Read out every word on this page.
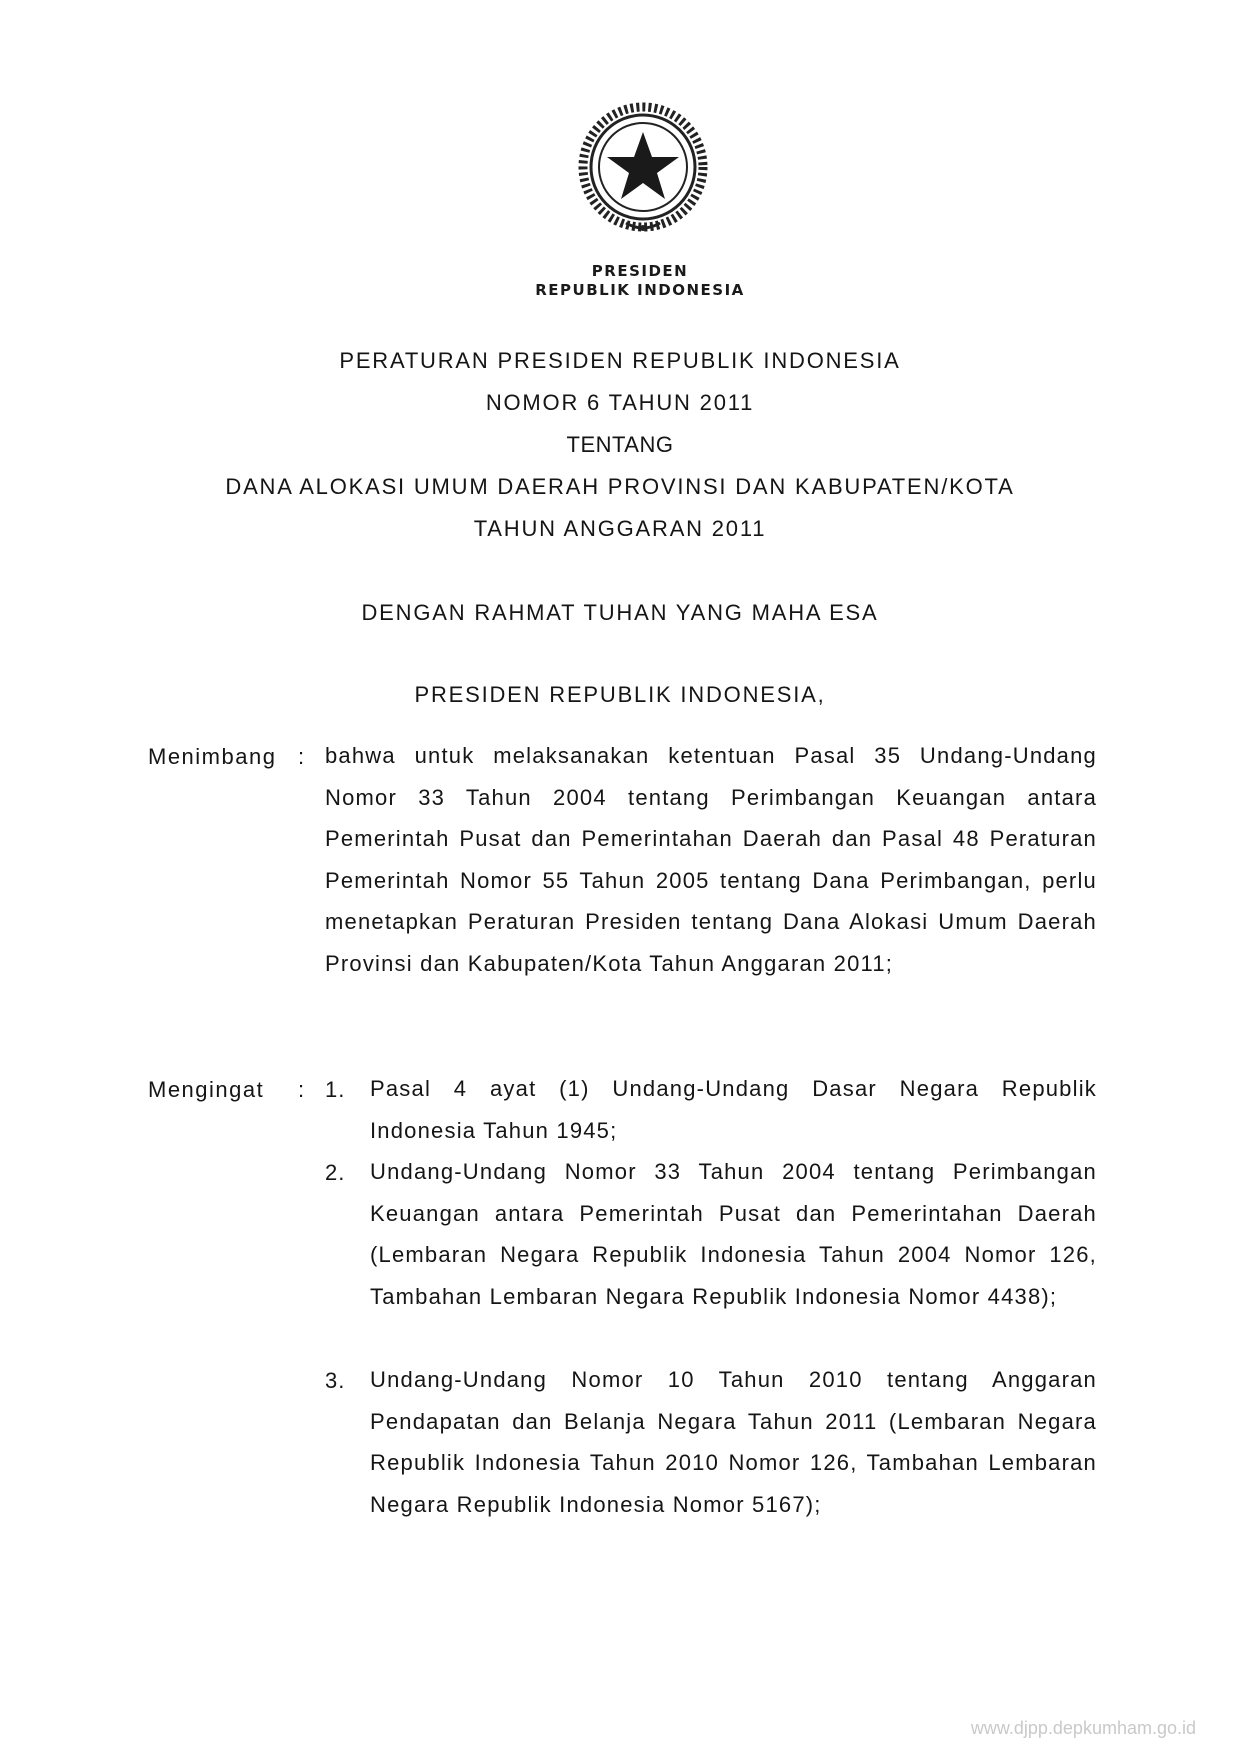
PRESIDEN
REPUBLIK INDONESIA
PERATURAN PRESIDEN REPUBLIK INDONESIA
NOMOR 6 TAHUN 2011
TENTANG
DANA ALOKASI UMUM DAERAH PROVINSI DAN KABUPATEN/KOTA
TAHUN ANGGARAN 2011
DENGAN RAHMAT TUHAN YANG MAHA ESA
PRESIDEN REPUBLIK INDONESIA,
Menimbang : bahwa untuk melaksanakan ketentuan Pasal 35 Undang-Undang Nomor 33 Tahun 2004 tentang Perimbangan Keuangan antara Pemerintah Pusat dan Pemerintahan Daerah dan Pasal 48 Peraturan Pemerintah Nomor 55 Tahun 2005 tentang Dana Perimbangan, perlu menetapkan Peraturan Presiden tentang Dana Alokasi Umum Daerah Provinsi dan Kabupaten/Kota Tahun Anggaran 2011;
Mengingat : 1. Pasal 4 ayat (1) Undang-Undang Dasar Negara Republik Indonesia Tahun 1945;
2. Undang-Undang Nomor 33 Tahun 2004 tentang Perimbangan Keuangan antara Pemerintah Pusat dan Pemerintahan Daerah (Lembaran Negara Republik Indonesia Tahun 2004 Nomor 126, Tambahan Lembaran Negara Republik Indonesia Nomor 4438);
3. Undang-Undang Nomor 10 Tahun 2010 tentang Anggaran Pendapatan dan Belanja Negara Tahun 2011 (Lembaran Negara Republik Indonesia Tahun 2010 Nomor 126, Tambahan Lembaran Negara Republik Indonesia Nomor 5167);
www.djpp.depkumham.go.id
